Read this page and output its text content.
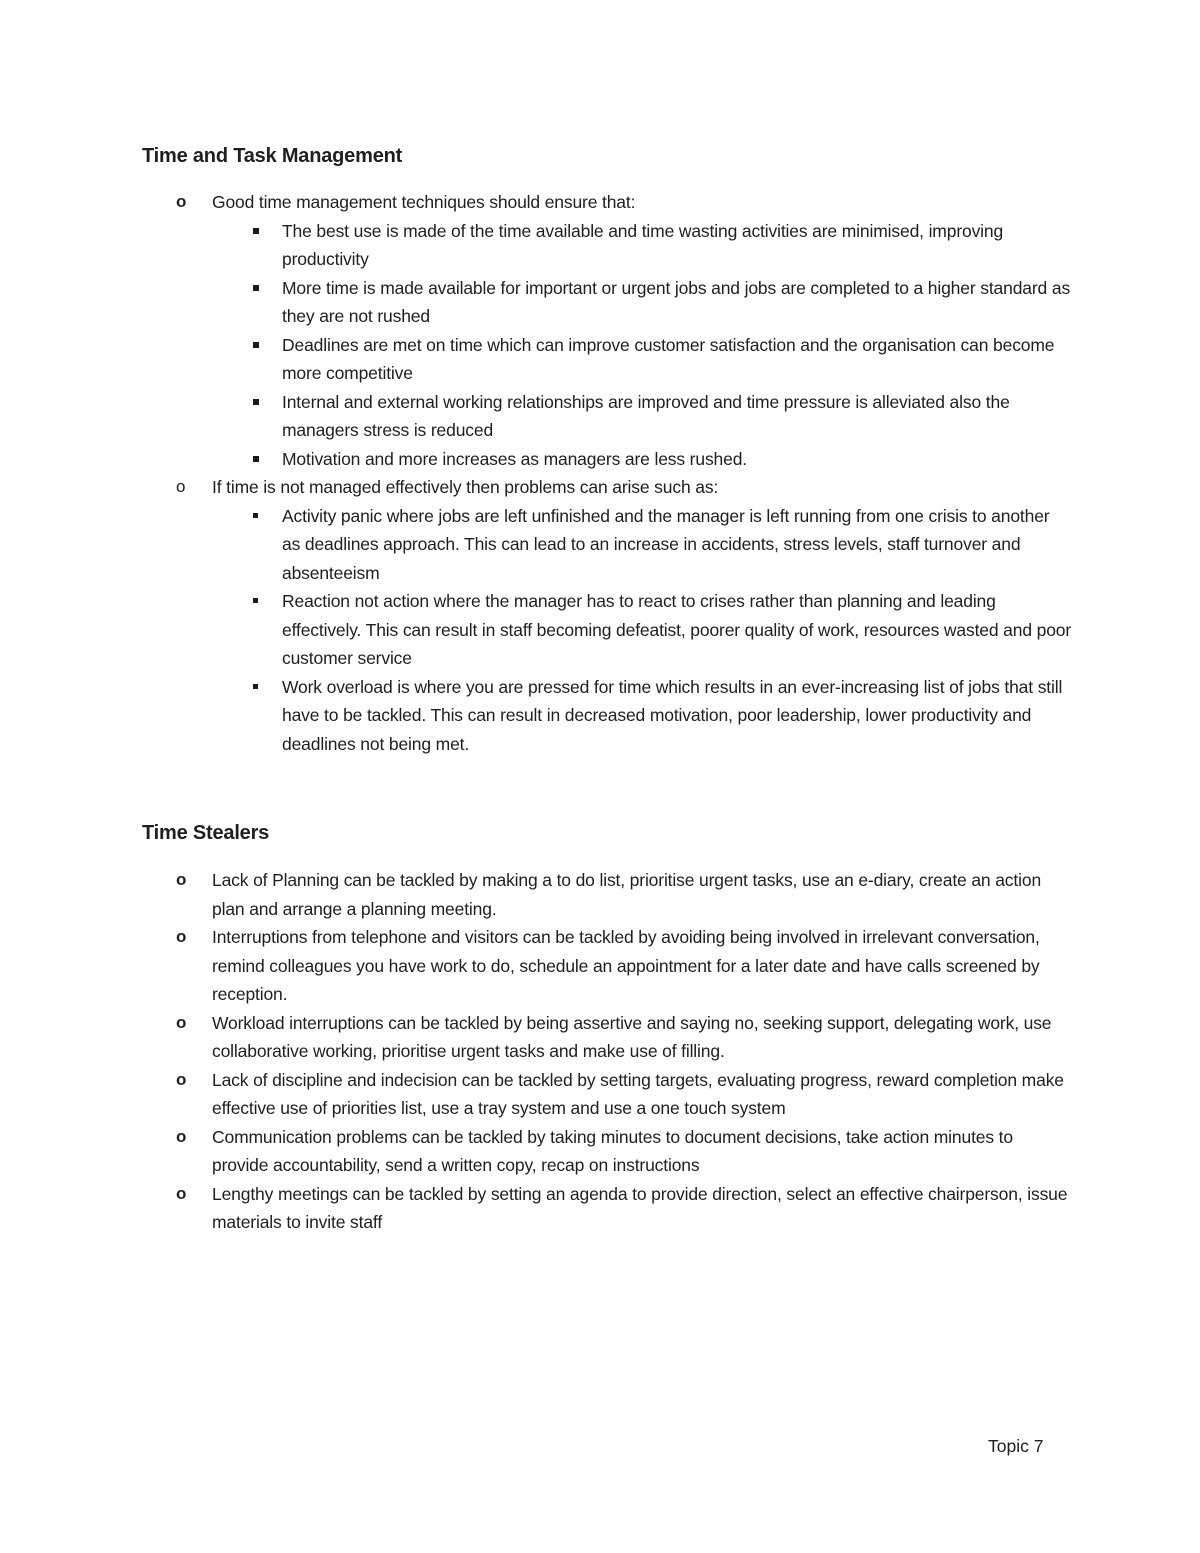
Time and Task Management
o	Good time management techniques should ensure that:
The best use is made of the time available and time wasting activities are minimised, improving productivity
More time is made available for important or urgent jobs and jobs are completed to a higher standard as they are not rushed
Deadlines are met on time which can improve customer satisfaction and the organisation can become more competitive
Internal and external working relationships are improved and time pressure is alleviated also the managers stress is reduced
Motivation and more increases as managers are less rushed.
o	If time is not managed effectively then problems can arise such as:
Activity panic where jobs are left unfinished and the manager is left running from one crisis to another as deadlines approach. This can lead to an increase in accidents, stress levels, staff turnover and absenteeism
Reaction not action where the manager has to react to crises rather than planning and leading effectively. This can result in staff becoming defeatist, poorer quality of work, resources wasted and poor customer service
Work overload is where you are pressed for time which results in an ever-increasing list of jobs that still have to be tackled. This can result in decreased motivation, poor leadership, lower productivity and deadlines not being met.
Time Stealers
o	Lack of Planning can be tackled by making a to do list, prioritise urgent tasks, use an e-diary, create an action plan and arrange a planning meeting.
o	Interruptions from telephone and visitors can be tackled by avoiding being involved in irrelevant conversation, remind colleagues you have work to do, schedule an appointment for a later date and have calls screened by reception.
o	Workload interruptions can be tackled by being assertive and saying no, seeking support, delegating work, use collaborative working, prioritise urgent tasks and make use of filling.
o	Lack of discipline and indecision can be tackled by setting targets, evaluating progress, reward completion make effective use of priorities list, use a tray system and use a one touch system
o	Communication problems can be tackled by taking minutes to document decisions, take action minutes to provide accountability, send a written copy, recap on instructions
o	Lengthy meetings can be tackled by setting an agenda to provide direction, select an effective chairperson, issue materials to invite staff
Topic 7
